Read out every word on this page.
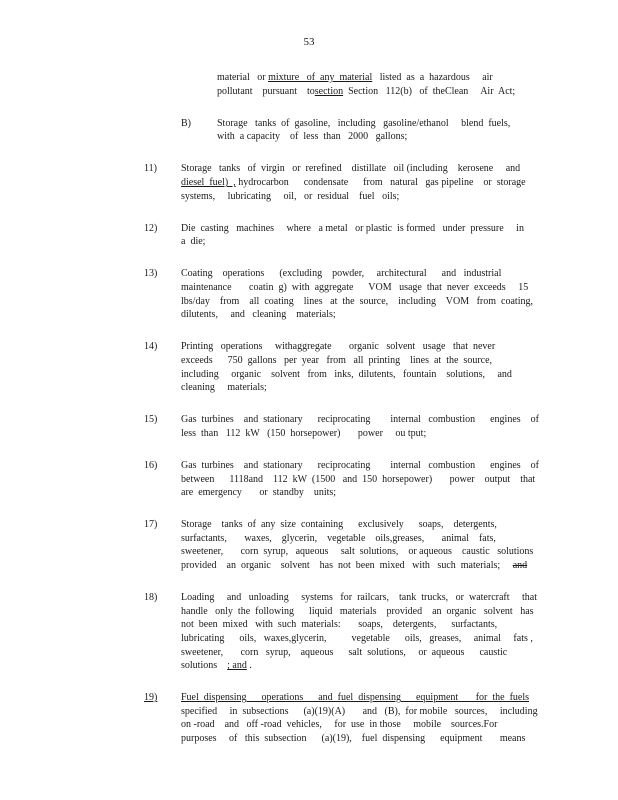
53
material   or mixture   of  any  material   listed  as  a  hazardous     air
pollutant    pursuant    tosection  Section   112(b)   of  theClean     Air  Act;
B)	Storage   tanks  of  gasoline,   including   gasoline/ethanol     blend  fuels,
with  a capacity    of  less  than   2000   gallons;
11) Storage   tanks   of  virgin   or  rerefined    distillate   oil (including    kerosene     and
diesel  fuel)  , hydrocarbon      condensate      from   natural   gas pipeline    or  storage
systems,     lubricating     oil,   or  residual    fuel   oils;
12) Die  casting   machines     where   a metal   or plastic  is formed   under  pressure     in
a  die;
13) Coating    operations      (excluding    powder,     architectural      and   industrial
maintenance       coatin  g)  with  aggregate      VOM   usage  that  never  exceeds     15
lbs/day    from    all  coating    lines   at  the  source,    including    VOM   from  coating,
dilutents,     and   cleaning    materials;
14) Printing   operations     withaggregate       organic   solvent   usage   that  never
exceeds      750  gallons   per  year   from   all  printing    lines  at  the  source,
including     organic    solvent   from   inks,  dilutents,   fountain    solutions,     and
cleaning     materials;
15) Gas  turbines    and  stationary      reciprocating        internal   combustion      engines    of
less  than   112  kW   (150  horsepower)       power     ou tput;
16) Gas  turbines    and  stationary      reciprocating        internal   combustion      engines    of
between      1118and    112  kW  (1500   and  150  horsepower)       power    output    that
are  emergency       or  standby    units;
17) Storage    tanks  of  any  size  containing      exclusively      soaps,    detergents,
surfactants,       waxes,    glycerin,    vegetable    oils,greases,       animal    fats,
sweetener,       corn  syrup,   aqueous     salt  solutions,    or aqueous    caustic   solutions
provided    an  organic    solvent    has  not  been  mixed   with   such  materials;     and
18) Loading     and   unloading     systems   for  railcars,    tank  trucks,   or  watercraft     that
handle   only  the  following      liquid   materials    provided    an  organic   solvent   has
not  been  mixed   with  such  materials:       soaps,    detergents,      surfactants,
lubricating      oils,   waxes,glycerin,          vegetable      oils,   greases,     animal     fats ,
sweetener,       corn   syrup,    aqueous      salt  solutions,     or  aqueous      caustic
solutions    ; and .
19) Fuel  dispensing      operations      and  fuel  dispensing      equipment       for  the  fuels
specified     in  subsections      (a)(19)(A)       and   (B),  for mobile   sources,     including
on -road    and   off -road  vehicles,     for  use  in those     mobile    sources.For
purposes     of   this  subsection      (a)(19),    fuel  dispensing      equipment       means
